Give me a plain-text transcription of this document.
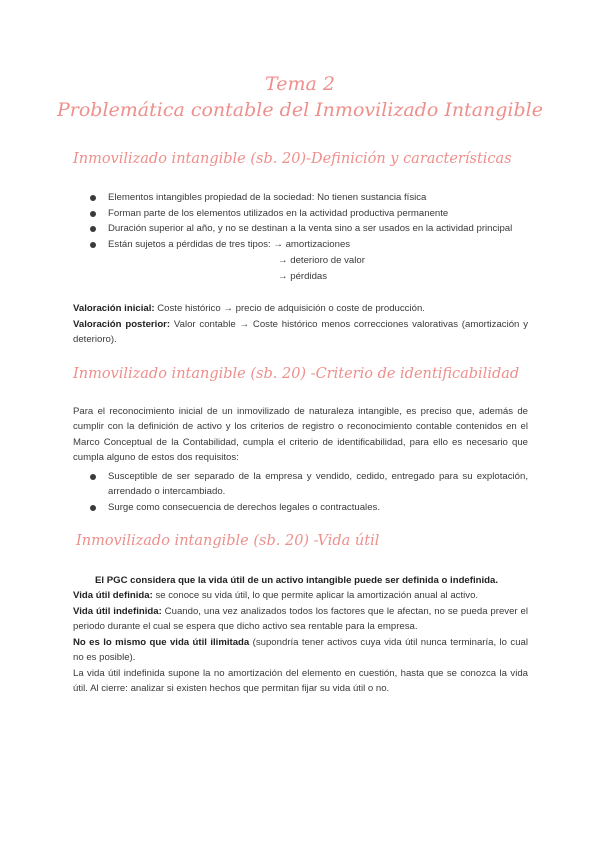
Tema 2
Problemática contable del Inmovilizado Intangible
Inmovilizado intangible (sb. 20)-Definición y características
Elementos intangibles propiedad de la sociedad: No tienen sustancia física
Forman parte de los elementos utilizados en la actividad productiva permanente
Duración superior al año, y no se destinan a la venta sino a ser usados en la actividad principal
Están sujetos a pérdidas de tres tipos: → amortizaciones
→ deterioro de valor
→ pérdidas
Valoración inicial: Coste histórico → precio de adquisición o coste de producción.
Valoración posterior: Valor contable → Coste histórico menos correcciones valorativas (amortización y deterioro).
Inmovilizado intangible (sb. 20) -Criterio de identificabilidad
Para el reconocimiento inicial de un inmovilizado de naturaleza intangible, es preciso que, además de cumplir con la definición de activo y los criterios de registro o reconocimiento contable contenidos en el Marco Conceptual de la Contabilidad, cumpla el criterio de identificabilidad, para ello es necesario que cumpla alguno de estos dos requisitos:
Susceptible de ser separado de la empresa y vendido, cedido, entregado para su explotación, arrendado o intercambiado.
Surge como consecuencia de derechos legales o contractuales.
Inmovilizado intangible (sb. 20) -Vida útil
El PGC considera que la vida útil de un activo intangible puede ser definida o indefinida.
Vida útil definida: se conoce su vida útil, lo que permite aplicar la amortización anual al activo.
Vida útil indefinida: Cuando, una vez analizados todos los factores que le afectan, no se pueda prever el periodo durante el cual se espera que dicho activo sea rentable para la empresa.
No es lo mismo que vida útil ilimitada (supondría tener activos cuya vida útil nunca terminaría, lo cual no es posible).
La vida útil indefinida supone la no amortización del elemento en cuestión, hasta que se conozca la vida útil. Al cierre: analizar si existen hechos que permitan fijar su vida útil o no.
